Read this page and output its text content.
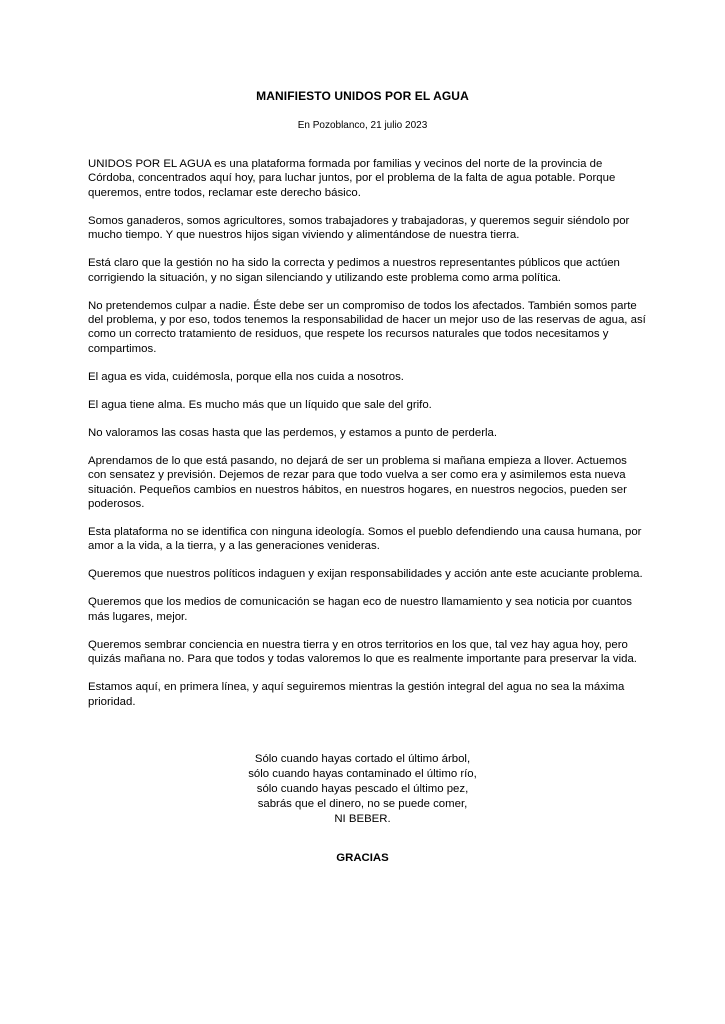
MANIFIESTO UNIDOS POR EL AGUA
En Pozoblanco, 21 julio 2023

UNIDOS POR EL AGUA es una plataforma formada por familias y vecinos del norte de la provincia de Córdoba, concentrados aquí hoy, para luchar juntos, por el problema de la falta de agua potable. Porque queremos, entre todos, reclamar este derecho básico.

Somos ganaderos, somos agricultores, somos trabajadores y trabajadoras, y queremos seguir siéndolo por mucho tiempo. Y que nuestros hijos sigan viviendo y alimentándose de nuestra tierra.

Está claro que la gestión no ha sido la correcta y pedimos a nuestros representantes públicos que actúen corrigiendo la situación, y no sigan silenciando y utilizando este problema como arma política.

No pretendemos culpar a nadie. Éste debe ser un compromiso de todos los afectados. También somos parte del problema, y por eso, todos tenemos la responsabilidad de hacer un mejor uso de las reservas de agua, así como un correcto tratamiento de residuos, que respete los recursos naturales que todos necesitamos y compartimos.

El agua es vida, cuidémosla, porque ella nos cuida a nosotros.

El agua tiene alma. Es mucho más que un líquido que sale del grifo.

No valoramos las cosas hasta que las perdemos, y estamos a punto de perderla.

Aprendamos de lo que está pasando, no dejará de ser un problema si mañana empieza a llover. Actuemos con sensatez y previsión. Dejemos de rezar para que todo vuelva a ser como era y asimilemos esta nueva situación. Pequeños cambios en nuestros hábitos, en nuestros hogares, en nuestros negocios, pueden ser poderosos.

Esta plataforma no se identifica con ninguna ideología. Somos el pueblo defendiendo una causa humana, por amor a la vida, a la tierra, y a las generaciones venideras.

Queremos que nuestros políticos indaguen y exijan responsabilidades y acción ante este acuciante problema.

Queremos que los medios de comunicación se hagan eco de nuestro llamamiento y sea noticia por cuantos más lugares, mejor.

Queremos sembrar conciencia en nuestra tierra y en otros territorios en los que, tal vez hay agua hoy, pero quizás mañana no. Para que todos y todas valoremos lo que es realmente importante para preservar la vida.

Estamos aquí, en primera línea, y aquí seguiremos mientras la gestión integral del agua no sea la máxima prioridad.

Sólo cuando hayas cortado el último árbol,
sólo cuando hayas contaminado el último río,
sólo cuando hayas pescado el último pez,
sabrás que el dinero, no se puede comer,
NI BEBER.
GRACIAS
